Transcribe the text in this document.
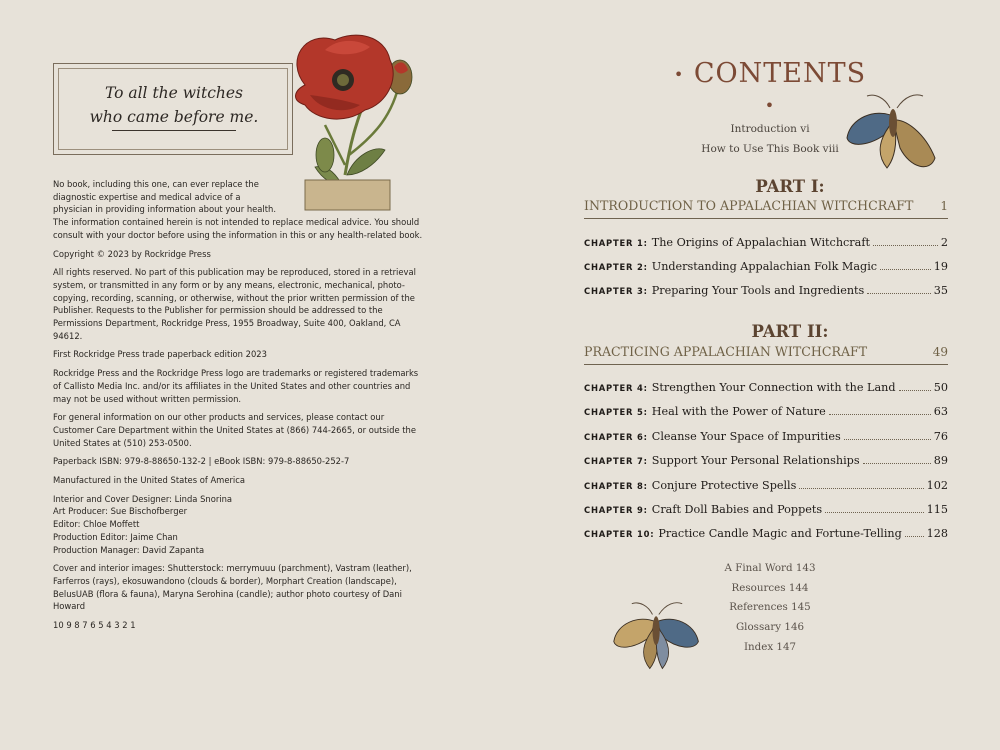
To all the witches
who came before me.

No book, including this one, can ever replace the
diagnostic expertise and medical advice of a
physician in providing information about your health.
The information contained herein is not intended to replace medical advice. You should consult with your doctor before using the information in this or any health-related book.

Copyright © 2023 by Rockridge Press

All rights reserved. No part of this publication may be reproduced, stored in a retrieval system, or transmitted in any form or by any means, electronic, mechanical, photo-copying, recording, scanning, or otherwise, without the prior written permission of the Publisher. Requests to the Publisher for permission should be addressed to the Permissions Department, Rockridge Press, 1955 Broadway, Suite 400, Oakland, CA 94612.

First Rockridge Press trade paperback edition 2023

Rockridge Press and the Rockridge Press logo are trademarks or registered trademarks of Callisto Media Inc. and/or its affiliates in the United States and other countries and may not be used without written permission.

For general information on our other products and services, please contact our Customer Care Department within the United States at (866) 744-2665, or outside the United States at (510) 253-0500.

Paperback ISBN: 979-8-88650-132-2 | eBook ISBN: 979-8-88650-252-7

Manufactured in the United States of America

Interior and Cover Designer: Linda Snorina
Art Producer: Sue Bischofberger
Editor: Chloe Moffett
Production Editor: Jaime Chan
Production Manager: David Zapanta

Cover and interior images: Shutterstock: merrymuuu (parchment), Vastram (leather), Farferros (rays), ekosuwandono (clouds & border), Morphart Creation (landscape), BelusUAB (flora & fauna), Maryna Serohina (candle); author photo courtesy of Dani Howard

10 9 8 7 6 5 4 3 2 1

• CONTENTS •
Introduction vi
How to Use This Book viii
PART I:
INTRODUCTION TO APPALACHIAN WITCHCRAFT 1
CHAPTER 1: The Origins of Appalachian Witchcraft	2
CHAPTER 2: Understanding Appalachian Folk Magic	19
CHAPTER 3: Preparing Your Tools and Ingredients	35
PART II:
PRACTICING APPALACHIAN WITCHCRAFT	49
CHAPTER 4: Strengthen Your Connection with the Land	50
CHAPTER 5: Heal with the Power of Nature	63
CHAPTER 6: Cleanse Your Space of Impurities	76
CHAPTER 7: Support Your Personal Relationships	89
CHAPTER 8: Conjure Protective Spells	102
CHAPTER 9: Craft Doll Babies and Poppets	115
CHAPTER 10: Practice Candle Magic and Fortune-Telling 128
A Final Word 143
Resources 144
References 145
Glossary 146
Index 147
